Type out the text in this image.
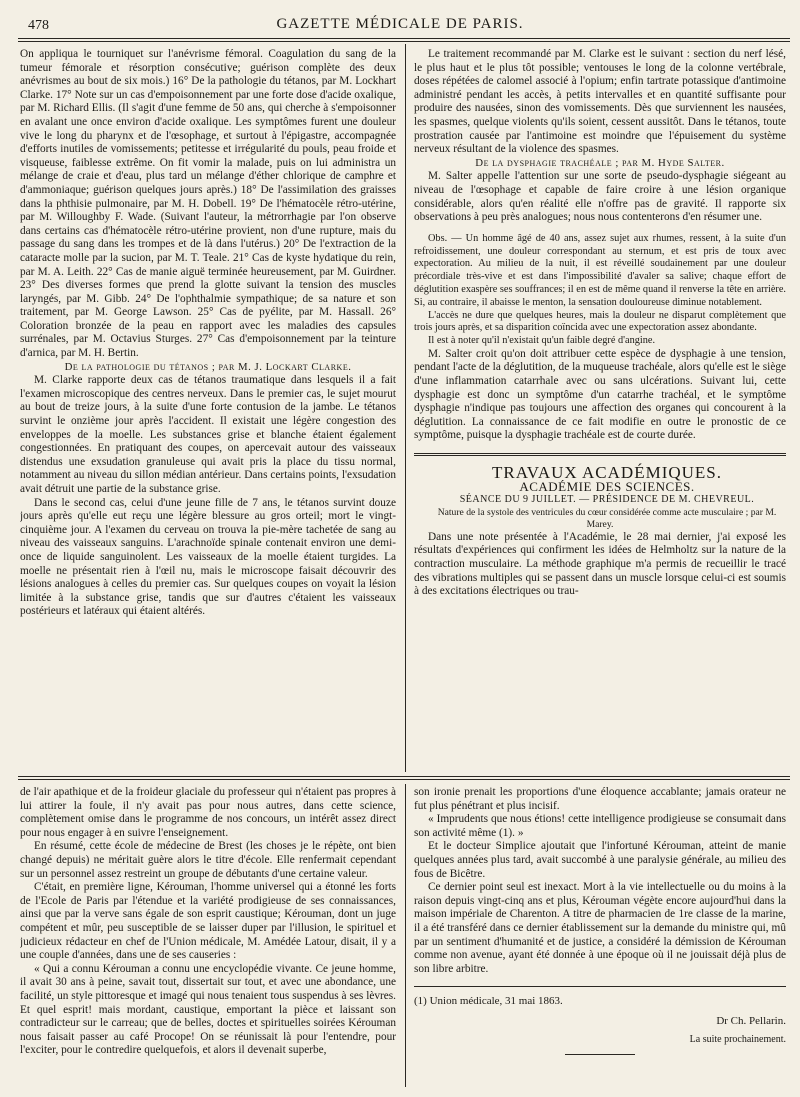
478	GAZETTE MÉDICALE DE PARIS.

On appliqua le tourniquet sur l'anévrisme fémoral. Coagulation du sang de la tumeur fémorale et résorption consécutive; guérison complète des deux anévrismes au bout de six mois.) 16° De la pathologie du tétanos, par M. Lockhart Clarke. 17° Note sur un cas d'empoisonnement par une forte dose d'acide oxalique, par M. Richard Ellis. (Il s'agit d'une femme de 50 ans, qui cherche à s'empoisonner en avalant une once environ d'acide oxalique. Les symptômes furent une douleur vive le long du pharynx et de l'œsophage, et surtout à l'épigastre, accompagnée d'efforts inutiles de vomissements; petitesse et irrégularité du pouls, peau froide et visqueuse, faiblesse extrême. On fit vomir la malade, puis on lui administra un mélange de craie et d'eau, plus tard un mélange d'éther chlorique de camphre et d'ammoniaque; guérison quelques jours après.) 18° De l'assimilation des graisses dans la phthisie pulmonaire, par M. H. Dobell. 19° De l'hématocèle rétro-utérine, par M. Willoughby F. Wade. (Suivant l'auteur, la métrorrhagie par l'on observe dans certains cas d'hématocèle rétro-utérine provient, non d'une rupture, mais du passage du sang dans les trompes et de là dans l'utérus.) 20° De l'extraction de la cataracte molle par la sucion, par M. T. Teale. 21° Cas de kyste hydatique du rein, par M. A. Leith. 22° Cas de manie aiguë terminée heureusement, par M. Guirdner. 23° Des diverses formes que prend la glotte suivant la tension des muscles laryngés, par M. Gibb. 24° De l'ophthalmie sympathique; de sa nature et son traitement, par M. George Lawson. 25° Cas de pyélite, par M. Hassall. 26° Coloration bronzée de la peau en rapport avec les maladies des capsules surrénales, par M. Octavius Sturges. 27° Cas d'empoisonnement par la teinture d'arnica, par M. H. Bertin.

De la pathologie du tétanos ; par M. J. Lockart Clarke.

M. Clarke rapporte deux cas de tétanos traumatique dans lesquels il a fait l'examen microscopique des centres nerveux. Dans le premier cas, le sujet mourut au bout de treize jours, à la suite d'une forte contusion de la jambe. Le tétanos survint le onzième jour après l'accident. Il existait une légère congestion des enveloppes de la moelle. Les substances grise et blanche étaient également congestionnées. En pratiquant des coupes, on apercevait autour des vaisseaux distendus une exsudation granuleuse qui avait pris la place du tissu normal, notamment au niveau du sillon médian antérieur. Dans certains points, l'exsudation avait détruit une partie de la substance grise.

Dans le second cas, celui d'une jeune fille de 7 ans, le tétanos survint douze jours après qu'elle eut reçu une légère blessure au gros orteil; mort le vingt-cinquième jour. A l'examen du cerveau on trouva la pie-mère tachetée de sang au niveau des vaisseaux sanguins. L'arachnoïde spinale contenait environ une demi-once de liquide sanguinolent. Les vaisseaux de la moelle étaient turgides. La moelle ne présentait rien à l'œil nu, mais le microscope faisait découvrir des lésions analogues à celles du premier cas. Sur quelques coupes on voyait la lésion limitée à la substance grise, tandis que sur d'autres c'étaient les vaisseaux postérieurs et latéraux qui étaient altérés.

Le traitement recommandé par M. Clarke est le suivant : section du nerf lésé, le plus haut et le plus tôt possible; ventouses le long de la colonne vertébrale, doses répétées de calomel associé à l'opium; enfin tartrate potassique d'antimoine administré pendant les accès, à petits intervalles et en quantité suffisante pour produire des nausées, sinon des vomissements. Dès que surviennent les nausées, les spasmes, quelque violents qu'ils soient, cessent aussitôt. Dans le tétanos, toute prostration causée par l'antimoine est moindre que l'épuisement du système nerveux résultant de la violence des spasmes.

De la dysphagie trachéale ; par M. Hyde Salter.

M. Salter appelle l'attention sur une sorte de pseudo-dysphagie siégeant au niveau de l'œsophage et capable de faire croire à une lésion organique considérable, alors qu'en réalité elle n'offre pas de gravité. Il rapporte six observations à peu près analogues; nous nous contenterons d'en résumer une.

Obs. — Un homme âgé de 40 ans, assez sujet aux rhumes, ressent, à la suite d'un refroidissement, une douleur correspondant au sternum, et est pris de toux avec expectoration. Au milieu de la nuit, il est réveillé soudainement par une douleur précordiale très-vive et est dans l'impossibilité d'avaler sa salive; chaque effort de déglutition exaspère ses souffrances; il en est de même quand il renverse la tête en arrière. Si, au contraire, il abaisse le menton, la sensation douloureuse diminue notablement.

L'accès ne dure que quelques heures, mais la douleur ne disparut complètement que trois jours après, et sa disparition coïncida avec une expectoration assez abondante.

Il est à noter qu'il n'existait qu'un faible degré d'angine.

M. Salter croit qu'on doit attribuer cette espèce de dysphagie à une tension, pendant l'acte de la déglutition, de la muqueuse trachéale, alors qu'elle est le siège d'une inflammation catarrhale avec ou sans ulcérations. Suivant lui, cette dysphagie est donc un symptôme d'un catarrhe trachéal, et le symptôme dysphagie n'indique pas toujours une affection des organes qui concourent à la déglutition. La connaissance de ce fait modifie en outre le pronostic de ce symptôme, puisque la dysphagie trachéale est de courte durée.

TRAVAUX ACADÉMIQUES.

ACADÉMIE DES SCIENCES.

SÉANCE DU 9 JUILLET. — PRÉSIDENCE DE M. CHEVREUL.

Nature de la systole des ventricules du cœur considérée comme acte musculaire ; par M. Marey.

Dans une note présentée à l'Académie, le 28 mai dernier, j'ai exposé les résultats d'expériences qui confirment les idées de Helmholtz sur la nature de la contraction musculaire. La méthode graphique m'a permis de recueillir le tracé des vibrations multiples qui se passent dans un muscle lorsque celui-ci est soumis à des excitations électriques ou trau-

de l'air apathique et de la froideur glaciale du professeur qui n'étaient pas propres à lui attirer la foule, il n'y avait pas pour nous autres, dans cette science, complètement omise dans le programme de nos concours, un intérêt assez direct pour nous engager à en suivre l'enseignement.

En résumé, cette école de médecine de Brest (les choses je le répète, ont bien changé depuis) ne méritait guère alors le titre d'école. Elle renfermait cependant sur un personnel assez restreint un groupe de débutants d'une certaine valeur.

C'était, en première ligne, Kérouman, l'homme universel qui a étonné les forts de l'Ecole de Paris par l'étendue et la variété prodigieuse de ses connaissances, ainsi que par la verve sans égale de son esprit caustique; Kérouman, dont un juge compétent et mûr, peu susceptible de se laisser duper par l'illusion, le spirituel et judicieux rédacteur en chef de l'Union médicale, M. Amédée Latour, disait, il y a une couple d'années, dans une de ses causeries :

« Qui a connu Kérouman a connu une encyclopédie vivante. Ce jeune homme, il avait 30 ans à peine, savait tout, dissertait sur tout, et avec une abondance, une facilité, un style pittoresque et imagé qui nous tenaient tous suspendus à ses lèvres. Et quel esprit! mais mordant, caustique, emportant la pièce et laissant son contradicteur sur le carreau; que de belles, doctes et spirituelles soirées Kérouman nous faisait passer au café Procope! On se réunissait là pour l'entendre, pour l'exciter, pour le contredire quelquefois, et alors il devenait superbe,

son ironie prenait les proportions d'une éloquence accablante; jamais orateur ne fut plus pénétrant et plus incisif.

« Imprudents que nous étions! cette intelligence prodigieuse se consumait dans son activité même (1). »

Et le docteur Simplice ajoutait que l'infortuné Kérouman, atteint de manie quelques années plus tard, avait succombé à une paralysie générale, au milieu des fous de Bicêtre.

Ce dernier point seul est inexact. Mort à la vie intellectuelle ou du moins à la raison depuis vingt-cinq ans et plus, Kérouman végète encore aujourd'hui dans la maison impériale de Charenton. A titre de pharmacien de 1re classe de la marine, il a été transféré dans ce dernier établissement sur la demande du ministre qui, mû par un sentiment d'humanité et de justice, a considéré la démission de Kérouman comme non avenue, ayant été donnée à une époque où il ne jouissait déjà plus de son libre arbitre.

(1) Union médicale, 31 mai 1863.

Dr Ch. Pellarin.

La suite prochainement.
